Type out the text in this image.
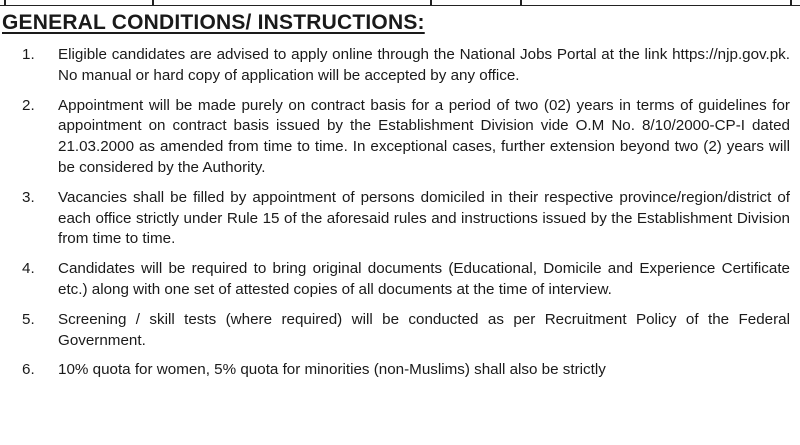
GENERAL CONDITIONS/ INSTRUCTIONS:
1. Eligible candidates are advised to apply online through the National Jobs Portal at the link https://njp.gov.pk. No manual or hard copy of application will be accepted by any office.
2. Appointment will be made purely on contract basis for a period of two (02) years in terms of guidelines for appointment on contract basis issued by the Establishment Division vide O.M No. 8/10/2000-CP-I dated 21.03.2000 as amended from time to time. In exceptional cases, further extension beyond two (2) years will be considered by the Authority.
3. Vacancies shall be filled by appointment of persons domiciled in their respective province/region/district of each office strictly under Rule 15 of the aforesaid rules and instructions issued by the Establishment Division from time to time.
4. Candidates will be required to bring original documents (Educational, Domicile and Experience Certificate etc.) along with one set of attested copies of all documents at the time of interview.
5. Screening / skill tests (where required) will be conducted as per Recruitment Policy of the Federal Government.
6. 10% quota for women, 5% quota for minorities (non-Muslims) shall also be strictly
